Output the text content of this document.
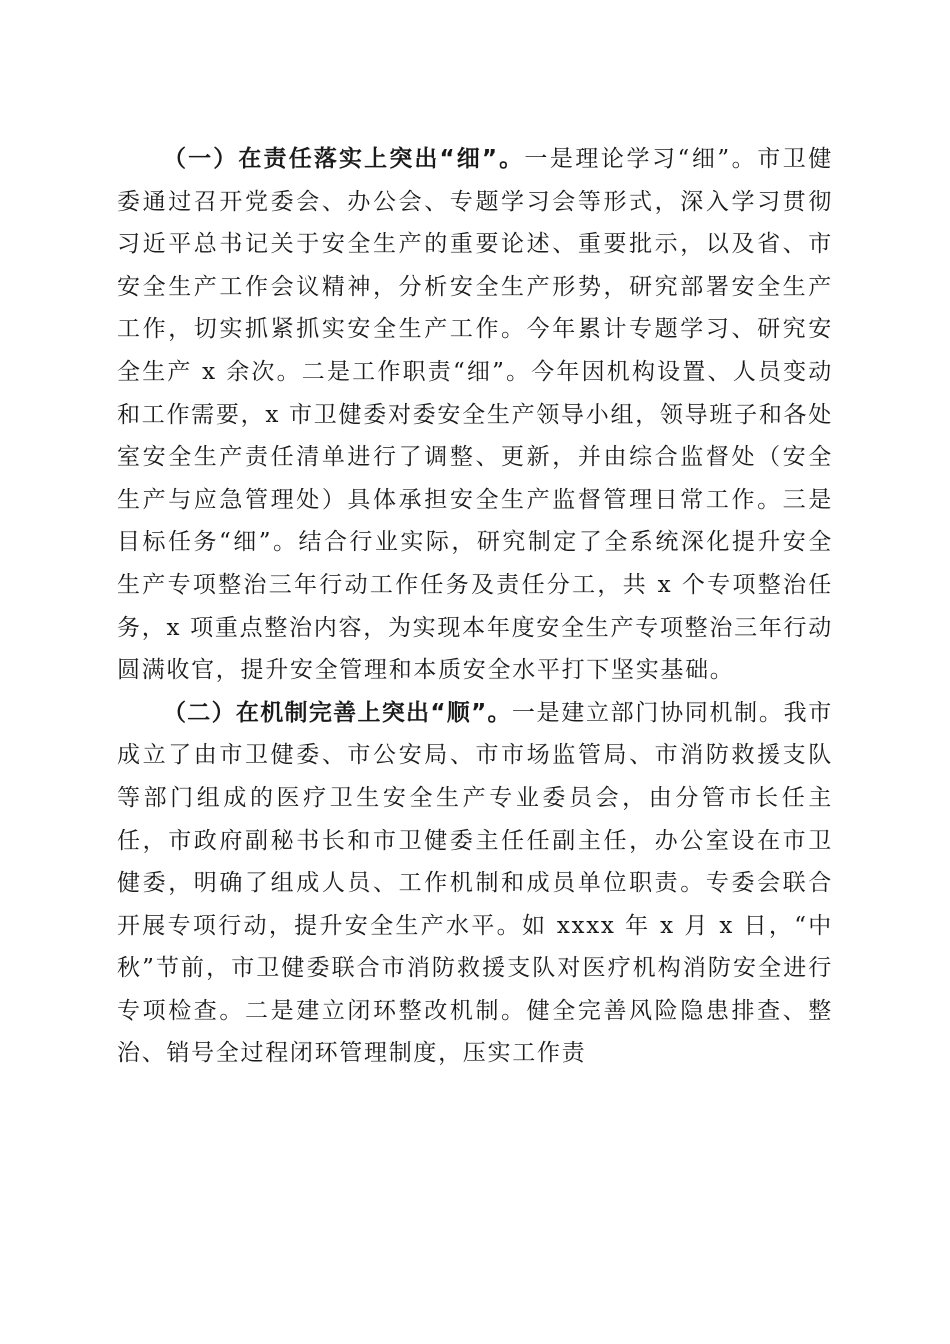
（一）在责任落实上突出“细”。一是理论学习“细”。市卫健委通过召开党委会、办公会、专题学习会等形式，深入学习贯彻习近平总书记关于安全生产的重要论述、重要批示，以及省、市安全生产工作会议精神，分析安全生产形势，研究部署安全生产工作，切实抓紧抓实安全生产工作。今年累计专题学习、研究安全生产 x 余次。二是工作职责“细”。今年因机构设置、人员变动和工作需要，x 市卫健委对委安全生产领导小组，领导班子和各处室安全生产责任清单进行了调整、更新，并由综合监督处（安全生产与应急管理处）具体承担安全生产监督管理日常工作。三是目标任务“细”。结合行业实际，研究制定了全系统深化提升安全生产专项整治三年行动工作任务及责任分工，共 x 个专项整治任务，x 项重点整治内容，为实现本年度安全生产专项整治三年行动圆满收官，提升安全管理和本质安全水平打下坚实基础。

（二）在机制完善上突出“顺”。一是建立部门协同机制。我市成立了由市卫健委、市公安局、市市场监管局、市消防救援支队等部门组成的医疗卫生安全生产专业委员会，由分管市长任主任，市政府副秘书长和市卫健委主任任副主任，办公室设在市卫健委，明确了组成人员、工作机制和成员单位职责。专委会联合开展专项行动，提升安全生产水平。如 xxxx 年 x 月 x 日，“中秋”节前，市卫健委联合市消防救援支队对医疗机构消防安全进行专项检查。二是建立闭环整改机制。健全完善风险隐患排查、整治、销号全过程闭环管理制度，压实工作责
